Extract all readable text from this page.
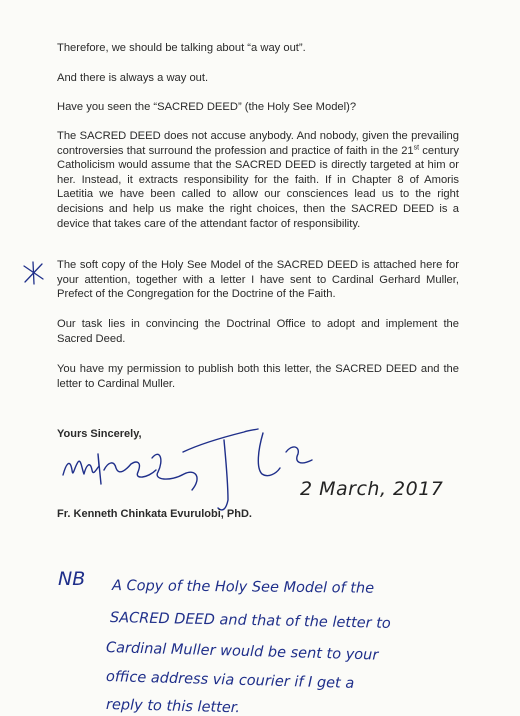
Therefore, we should be talking about “a way out”.

And there is always a way out.

Have you seen the “SACRED DEED” (the Holy See Model)?

The SACRED DEED does not accuse anybody. And nobody, given the prevailing controversies that surround the profession and practice of faith in the 21st century Catholicism would assume that the SACRED DEED is directly targeted at him or her. Instead, it extracts responsibility for the faith. If in Chapter 8 of Amoris Laetitia we have been called to allow our consciences lead us to the right decisions and help us make the right choices, then the SACRED DEED is a device that takes care of the attendant factor of responsibility.

The soft copy of the Holy See Model of the SACRED DEED is attached here for your attention, together with a letter I have sent to Cardinal Gerhard Muller, Prefect of the Congregation for the Doctrine of the Faith.

Our task lies in convincing the Doctrinal Office to adopt and implement the Sacred Deed.

You have my permission to publish both this letter, the SACRED DEED and the letter to Cardinal Muller.

Yours Sincerely,
2 March, 2017
Fr. Kenneth Chinkata Evurulobi, PhD.
NB A Copy of the Holy See Model of the
SACRED DEED and that of the letter to
Cardinal Muller would be sent to your
office address via courier if I get a
reply to this letter.
